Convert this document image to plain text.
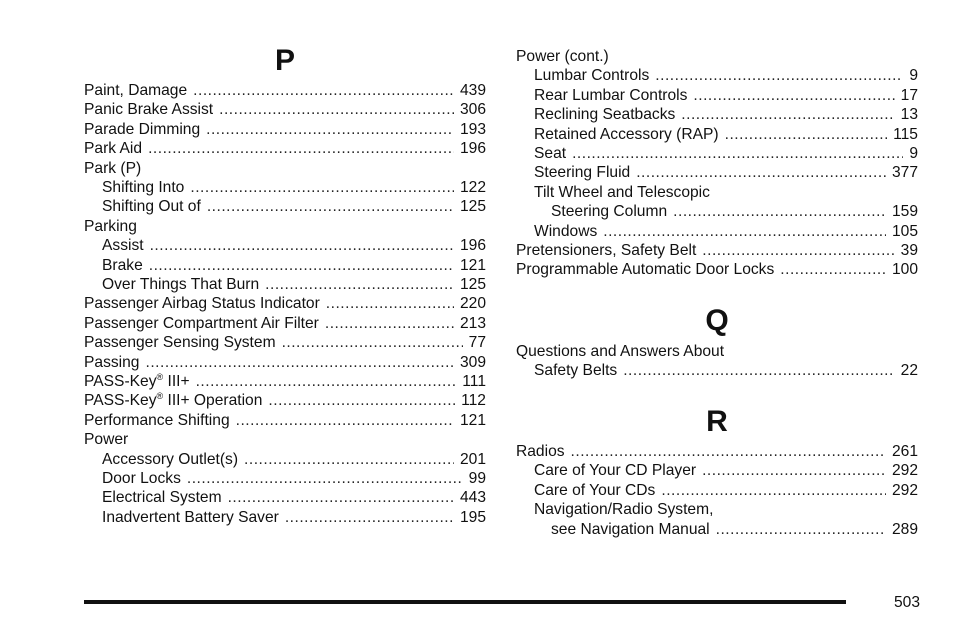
P
Paint, Damage .....	439
Panic Brake Assist .....	306
Parade Dimming .....	193
Park Aid .....	196
Park (P)
Shifting Into .....	122
Shifting Out of .....	125
Parking
Assist .....	196
Brake .....	121
Over Things That Burn .....	125
Passenger Airbag Status Indicator .....	220
Passenger Compartment Air Filter .....	213
Passenger Sensing System .....	77
Passing .....	309
PASS-Key® III+ .....	111
PASS-Key® III+ Operation .....	112
Performance Shifting .....	121
Power
Accessory Outlet(s) .....	201
Door Locks .....	99
Electrical System .....	443
Inadvertent Battery Saver .....	195
Power (cont.)
Lumbar Controls .....	9
Rear Lumbar Controls .....	17
Reclining Seatbacks .....	13
Retained Accessory (RAP) .....	115
Seat .....	9
Steering Fluid .....	377
Tilt Wheel and Telescopic
Steering Column .....	159
Windows .....	105
Pretensioners, Safety Belt .....	39
Programmable Automatic Door Locks .....	100
Q
Questions and Answers About
Safety Belts .....	22
R
Radios .....	261
Care of Your CD Player .....	292
Care of Your CDs .....	292
Navigation/Radio System,
see Navigation Manual .....	289
503
